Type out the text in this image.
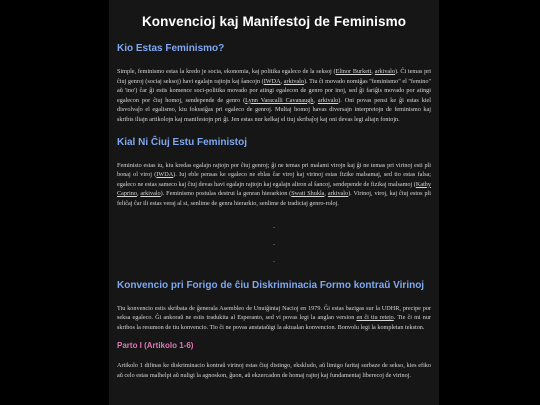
Konvencioj kaj Manifestoj de Feminismo
Kio Estas Feminismo?

Simple, feminismo estas la kredo je socia, ekonomia, kaj politika egaleco de la seksoj (Elinor Burkett, arkivalo). Ĉi temas pri ĉiuj genroj (sociaj seksoj) havi egalajn rajtojn kaj ŝancojn (IWDA, arkivalo). Tiu ĉi movado nomiĝas "feminismo" el "femino" aŭ 'ino') ĉar ĝi estis komence soci-politika movado por atingi egalecon de genro por inoj, sed ĝi fariĝis movado por atingi egalecon por ĉiuj homoj, sendepende de genro (Lynn Varacalli Cavanaugh, arkivalo). Oni povas pensi ke ĝi estas kiel disvolvaĵo el egalismo, kiu fokusiĝas pri egaleco de genroj. Multaj homoj havas diversajn interpretojn de feminismo kaj skribis iliajn artikolojn kaj manifestojn pri ĝi. Jen estas nur kelkaj el tiuj skribaĵoj kaj oni devas legi aliajn fontojn.

Kial Ni Ĉiuj Estu Feministoj

Feministo estas iu, kiu kredas egalajn rajtojn por ĉiuj genroj; ĝi ne temas pri malami virojn kaj ĝi ne temas pri virinoj esti pli bonaj ol viroj (IWDA). Iuj eble pensas ke egaleco ne eblas ĉar viroj kaj virinoj estas fizike malsamaj, sed tio estas falsa; egaleco ne estas sameco kaj ĉiuj devas havi egalajn rajtojn kaj egalajn aliron al ŝancoj, sendepende de fizikaj malsamoj (Kathy Caprino, arkivalo). Feminismo postulas destrui la genran hierarkion (Swati Shukla, arkivalo). Virinoj, viroj, kaj ĉiuj estos pli feliĉaj ĉar ili estas veraj al si, senlime de genra hierarkio, senlime de tradiciaj genro-roloj.

.
.
.
Konvencio pri Forigo de ĉiu Diskriminacia Formo kontraŭ Virinoj

Tiu konvencio estis skribata de ĝenerala Asembleo de Unuiĝintaj Nacioj en 1979. Ĝi estas bazigas sur la UDHR, precipe por seksa egaleco. Ĝi ankoraŭ ne estis tradukita al Esperanto, sed vi povas legi la anglan version en ĉi tiu retejo. Tie ĉi mi nur skribos la resumon de tiu konvencio. Tio ĉi ne povas anstataŭigi la aktualan konvencion. Bonvolu legi la kompletan tekston.

Parto I (Artikolo 1-6)

Artikolo 1 difinas ke diskriminacio kontraŭ virinoj estas ĉiuj distingo, ekskludo, aŭ limigo faritaj surbaze de sekso, kies efiko aŭ celo estas malhelpi aŭ nuligi la agnoskon, ĝuon, aŭ ekzercadon de homaj rajtoj kaj fundamentaj liberecoj de virinoj.
